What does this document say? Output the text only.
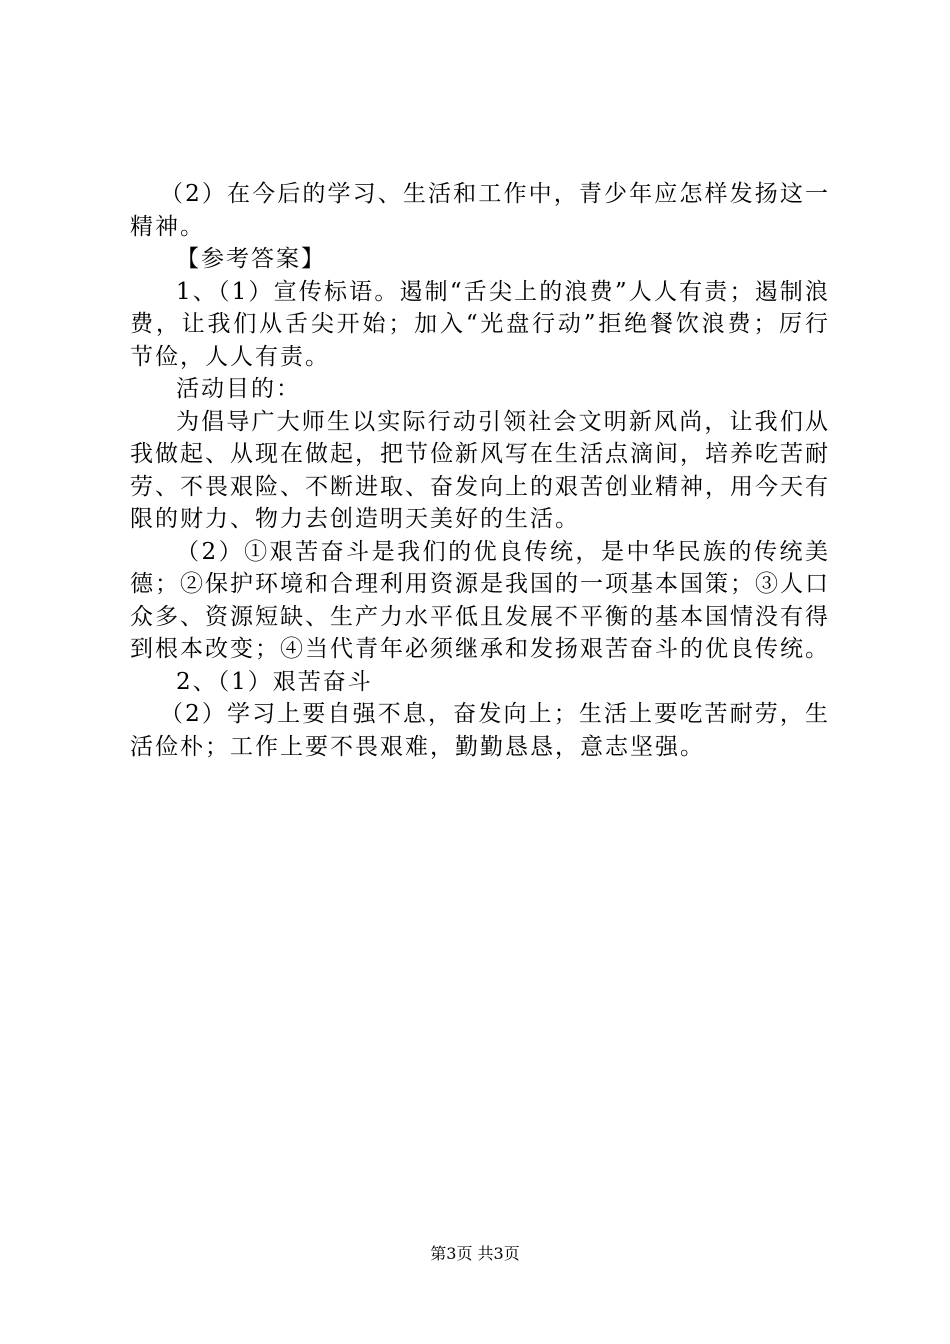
（2）在今后的学习、生活和工作中，青少年应怎样发扬这一精神。

【参考答案】

1、（1）宣传标语。遏制“舌尖上的浪费”人人有责；遏制浪费，让我们从舌尖开始；加入“光盘行动”拒绝餐饮浪费；厉行节俭，人人有责。

活动目的：

为倡导广大师生以实际行动引领社会文明新风尚，让我们从我做起、从现在做起，把节俭新风写在生活点滴间，培养吃苦耐劳、不畏艰险、不断进取、奋发向上的艰苦创业精神，用今天有限的财力、物力去创造明天美好的生活。

（2）①艰苦奋斗是我们的优良传统，是中华民族的传统美德；②保护环境和合理利用资源是我国的一项基本国策；③人口众多、资源短缺、生产力水平低且发展不平衡的基本国情没有得到根本改变；④当代青年必须继承和发扬艰苦奋斗的优良传统。

2、（1）艰苦奋斗

（2）学习上要自强不息，奋发向上；生活上要吃苦耐劳，生活俭朴；工作上要不畏艰难，勤勤恳恳，意志坚强。

第3页 共3页
